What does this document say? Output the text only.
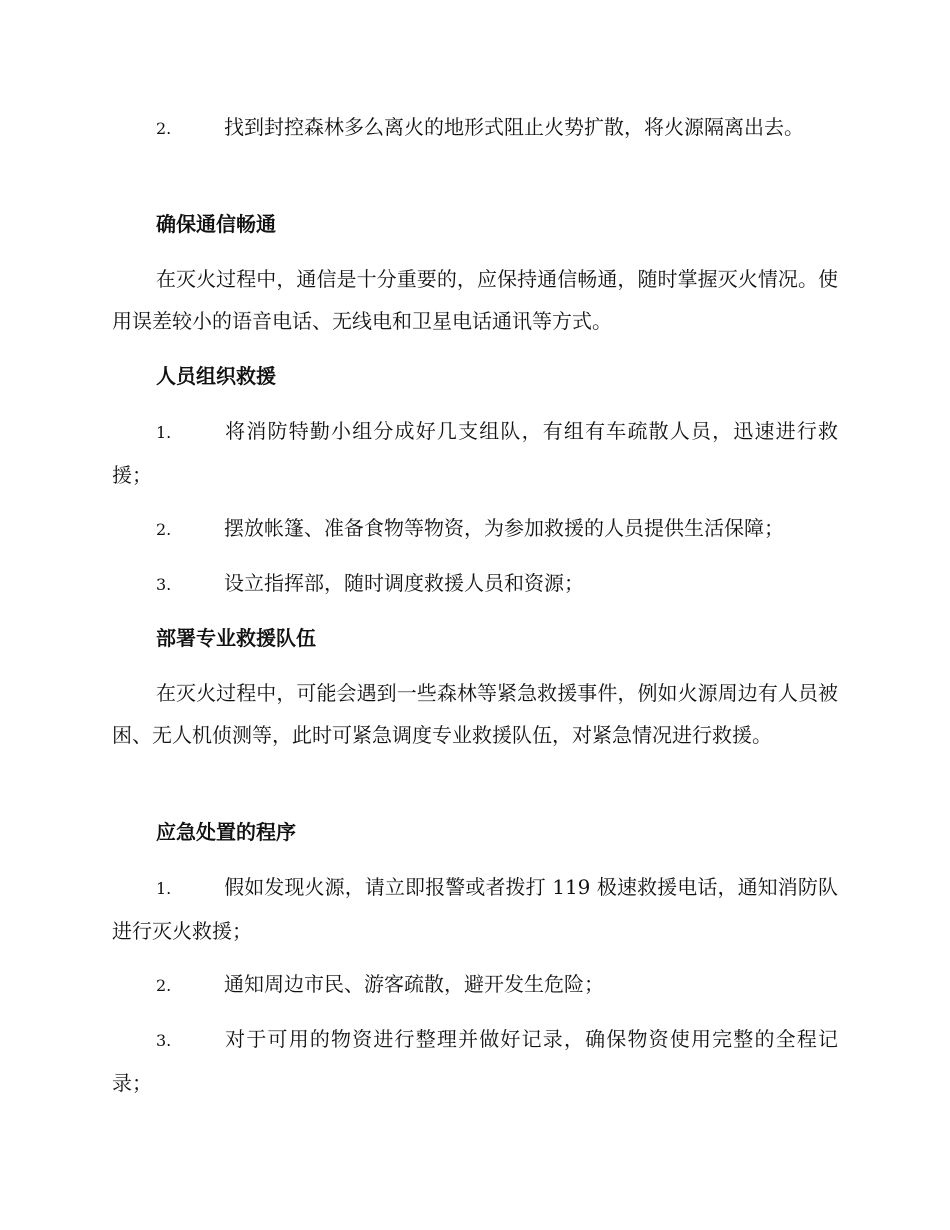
2.	找到封控森林多么离火的地形式阻止火势扩散，将火源隔离出去。
确保通信畅通
在灭火过程中，通信是十分重要的，应保持通信畅通，随时掌握灭火情况。使用误差较小的语音电话、无线电和卫星电话通讯等方式。
人员组织救援
1.	将消防特勤小组分成好几支组队，有组有车疏散人员，迅速进行救援；
2.	摆放帐篷、准备食物等物资，为参加救援的人员提供生活保障；
3.	设立指挥部，随时调度救援人员和资源；
部署专业救援队伍
在灭火过程中，可能会遇到一些森林等紧急救援事件，例如火源周边有人员被困、无人机侦测等，此时可紧急调度专业救援队伍，对紧急情况进行救援。
应急处置的程序
1.	假如发现火源，请立即报警或者拨打 119 极速救援电话，通知消防队进行灭火救援；
2.	通知周边市民、游客疏散，避开发生危险；
3.	对于可用的物资进行整理并做好记录，确保物资使用完整的全程记录；
